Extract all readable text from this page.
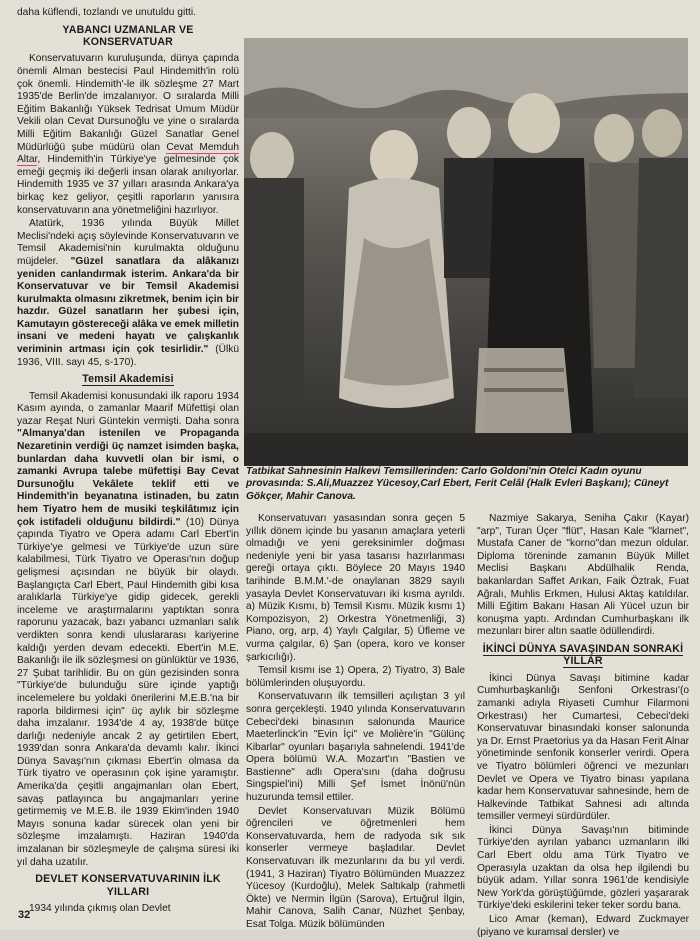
daha küflendi, tozlandı ve unutuldu gitti.

YABANCI UZMANLAR VE KONSERVATUAR

Konservatuvarın kuruluşunda, dünya çapında önemli Alman bestecisi Paul Hindemith'in rolü çok önemli. Hindemith'-le ilk sözleşme 27 Mart 1935'de Berlin'de imzalanıyor. O sıralarda Milli Eğitim Bakanlığı Yüksek Tedrisat Umum Müdür Vekili olan Cevat Dursunoğlu ve yine o sıralarda Milli Eğitim Bakanlığı Güzel Sanatlar Genel Müdürlüğü şube müdürü olan Cevat Memduh Altar, Hindemith'in Türkiye'ye gelmesinde çok emeği geçmiş iki değerli insan olarak anılıyorlar. Hindemith 1935 ve 37 yılları arasında Ankara'ya birkaç kez geliyor, çeşitli raporların yanısıra konservatuvarın ana yönetmeliğini hazırlıyor.

Atatürk, 1936 yılında Büyük Millet Meclisi'ndeki açış söylevinde Konservatuvarın ve Temsil Akademisi'nin kurulmakta olduğunu müjdeler. "Güzel sanatlara da alâkanızı yeniden canlandırmak isterim. Ankara'da bir Konservatuvar ve bir Temsil Akademisi kurulmakta olmasını zikretmek, benim için bir hazdır. Güzel sanatların her şubesi için, Kamutayın göstereceği alâka ve emek milletin insani ve medeni hayatı ve çalışkanlık veriminin artması için çok tesirlidir." (Ülkü 1936, VIII. sayı 45, s-170).

Temsil Akademisi

Temsil Akademisi konusundaki ilk raporu 1934 Kasım ayında, o zamanlar Maarif Müfettişi olan yazar Reşat Nuri Güntekin vermişti. Daha sonra "Almanya'dan istenilen ve Propaganda Nezaretinin verdiği üç namzet isimden başka, bunlardan daha kuvvetli olan bir ismi, o zamanki Avrupa talebe müfettişi Bay Cevat Dursunoğlu Vekâlete teklif etti ve Hindemith'in beyanatına istinaden, bu zatın hem Tiyatro hem de musiki teşkilâtımız için çok istifadeli olduğunu bildirdi." (10) Dünya çapında Tiyatro ve Opera adamı Carl Ebert'in Türkiye'ye gelmesi ve Türkiye'de uzun süre kalabilmesi, Türk Tiyatro ve Operası'nın doğup gelişmesi açısından ne büyük bir olaydı. Başlangıçta Carl Ebert, Paul Hindemith gibi kısa aralıklarla Türkiye'ye gidip gidecek, gerekli inceleme ve araştırmalarını yaptıktan sonra raporunu yazacak, bazı yabancı uzmanları salık verdikten sonra kendi uluslararası kariyerine kaldığı yerden devam edecekti. Ebert'in M.E. Bakanlığı ile ilk sözleşmesi on günlüktür ve 1936, 27 Şubat tarihlidir. Bu on gün gezisinden sonra "Türkiye'de bulunduğu süre içinde yaptığı incelemelere bu yoldaki önerilerini M.E.B.'na bir raporla bildirmesi için" üç aylık bir sözleşme daha imzalanır. 1934'de 4 ay, 1938'de bütçe darlığı nedeniyle ancak 2 ay getirtilen Ebert, 1939'dan sonra Ankara'da devamlı kalır. İkinci Dünya Savaşı'nın çıkması Ebert'in olmasa da Türk tiyatro ve operasının çok işine yaramıştır. Amerika'da çeşitli angajmanları olan Ebert, savaş patlayınca bu angajmanları yerine getirmemiş ve M.E.B. ile 1939 Ekim'inden 1940 Mayıs sonuna kadar sürecek olan yeni bir sözleşme imzalamıştı. Haziran 1940'da imzalanan bir sözleşmeyle de çalışma süresi iki yıl daha uzatılır.

DEVLET KONSERVATUVARININ İLK YILLARI

1934 yılında çıkmış olan Devlet

Tatbikat Sahnesinin Halkevi Temsillerinden: Carlo Goldoni'nin Otelci Kadın oyunu provasında: S.Ali,Muazzez Yücesoy,Carl Ebert, Ferit Celâl (Halk Evleri Başkanı); Cüneyt Gökçer, Mahir Canova.

Konservatuvarı yasasından sonra geçen 5 yıllık dönem içinde bu yasanın amaçlara yeterli olmadığı ve yeni gereksinimler doğması nedeniyle yeni bir yasa tasarısı hazırlanması gereği ortaya çıktı. Böylece 20 Mayıs 1940 tarihinde B.M.M.'-de onaylanan 3829 sayılı yasayla Devlet Konservatuvarı iki kısma ayrıldı. a) Müzik Kısmı, b) Temsil Kısmı. Müzik kısmı 1) Kompozisyon, 2) Orkestra Yönetmenliği, 3) Piano, org, arp, 4) Yaylı Çalgılar, 5) Üfleme ve vurma çalgılar, 6) Şan (opera, koro ve konser şarkıcılığı).

Temsil kısmı ise 1) Opera, 2) Tiyatro, 3) Bale bölümlerinden oluşuyordu.

Konservatuvarın ilk temsilleri açılıştan 3 yıl sonra gerçekleşti. 1940 yılında Konservatuvarın Cebeci'deki binasının salonunda Maurice Maeterlinck'in "Evin İçi" ve Molière'in "Gülünç Kibarlar" oyunları başarıyla sahnelendi. 1941'de Opera bölümü W.A. Mozart'ın "Bastien ve Bastienne" adlı Opera'sını (daha doğrusu Singspiel'ini) Milli Şef İsmet İnönü'nün huzurunda temsil ettiler.

Devlet Konservatuvarı Müzik Bölümü öğrencileri ve öğretmenleri hem Konservatuvarda, hem de radyoda sık sık konserler vermeye başladılar. Devlet Konservatuvarı ilk mezunlarını da bu yıl verdi. (1941, 3 Haziran) Tiyatro Bölümünden Muazzez Yücesoy (Kurdoğlu), Melek Saltıkalp (rahmetli Ökte) ve Nermin İlgün (Sarova), Ertuğrul İlgin, Mahir Canova, Salih Canar, Nüzhet Şenbay, Esat Tolga. Müzik bölümünden

Nazmiye Sakarya, Seniha Çakır (Kayar) "arp", Turan Üçer "flüt", Hasan Kale "klarnet", Mustafa Caner de "korno"dan mezun oldular. Diploma töreninde zamanın Büyük Millet Meclisi Başkanı Abdülhalik Renda, bakanlardan Saffet Arıkan, Faik Öztrak, Fuat Ağralı, Muhlis Erkmen, Hulusi Aktaş katıldılar. Milli Eğitim Bakanı Hasan Ali Yücel uzun bir konuşma yaptı. Ardından Cumhurbaşkanı ilk mezunları birer altın saatle ödüllendirdi.

İKİNCİ DÜNYA SAVAŞINDAN SONRAKİ YILLAR

İkinci Dünya Savaşı bitimine kadar Cumhurbaşkanlığı Senfoni Orkestrası'(o zamanki adıyla Riyaseti Cumhur Filarmoni Orkestrası) her Cumartesi, Cebeci'deki Konservatuvar binasındaki konser salonunda ya Dr. Ernst Praetorius ya da Hasan Ferit Alnar yönetiminde senfonik konserler verirdi. Opera ve Tiyatro bölümleri öğrenci ve mezunları Devlet ve Opera ve Tiyatro binası yapılana kadar hem Konservatuvar sahnesinde, hem de Halkevinde Tatbikat Sahnesi adı altında temsiller vermeyi sürdürdüler.

İkinci Dünya Savaşı'nın bitiminde Türkiye'den ayrılan yabancı uzmanların ilki Carl Ebert oldu ama Türk Tiyatro ve Operasıyla uzaktan da olsa hep ilgilendi bu büyük adam. Yıllar sonra 1961'de kendisiyle New York'da görüştüğümde, gözleri yaşararak Türkiye'deki eskilerini teker teker sordu bana.

Lico Amar (keman), Edward Zuckmayer (piyano ve kuramsal dersler) ve

32
